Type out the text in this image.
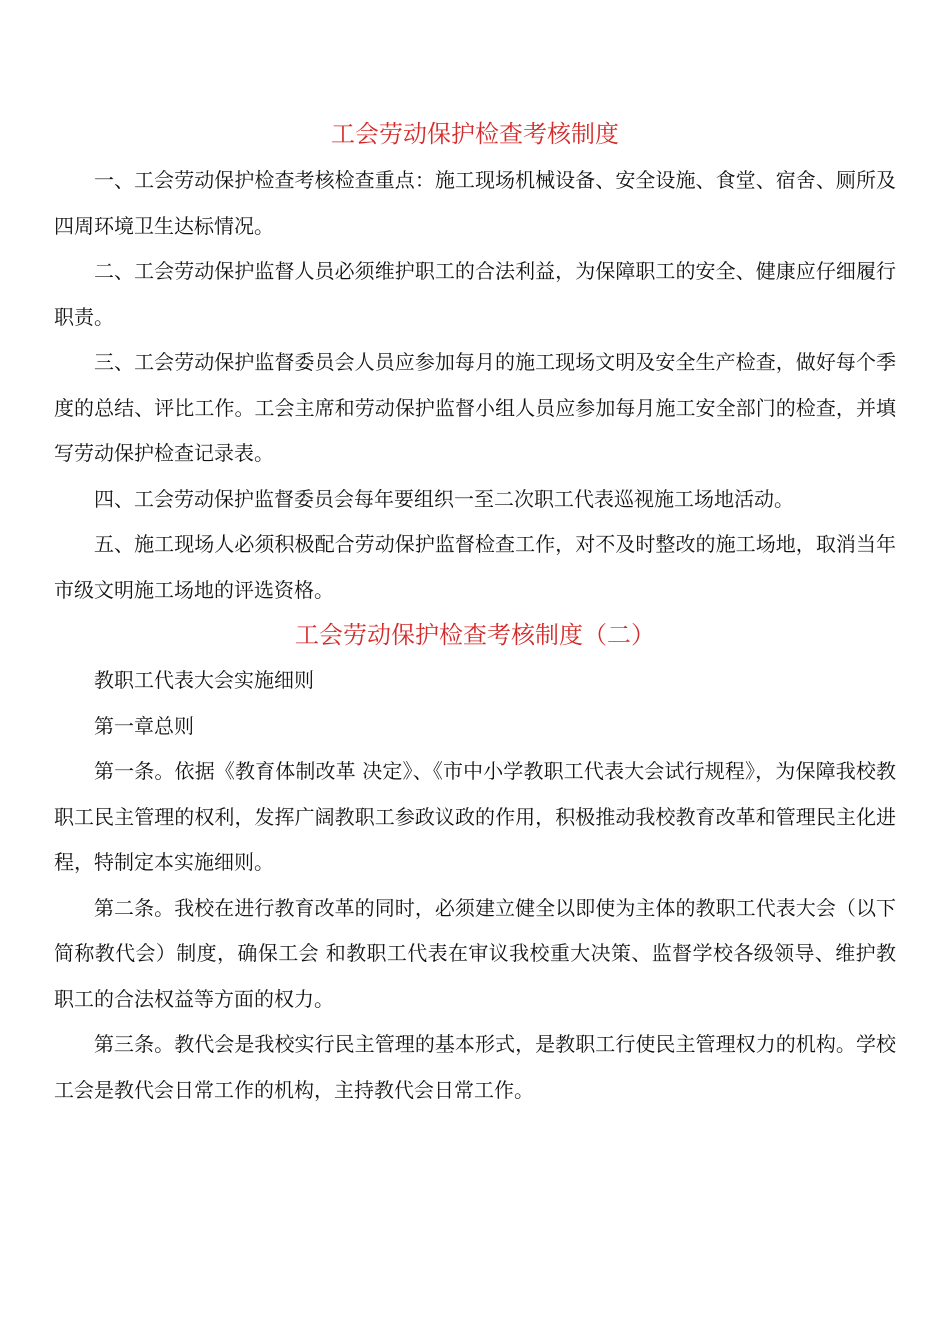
工会劳动保护检查考核制度

一、工会劳动保护检查考核检查重点：施工现场机械设备、安全设施、食堂、宿舍、厕所及四周环境卫生达标情况。

二、工会劳动保护监督人员必须维护职工的合法利益，为保障职工的安全、健康应仔细履行职责。

三、工会劳动保护监督委员会人员应参加每月的施工现场文明及安全生产检查，做好每个季度的总结、评比工作。工会主席和劳动保护监督小组人员应参加每月施工安全部门的检查，并填写劳动保护检查记录表。

四、工会劳动保护监督委员会每年要组织一至二次职工代表巡视施工场地活动。

五、施工现场人必须积极配合劳动保护监督检查工作，对不及时整改的施工场地，取消当年市级文明施工场地的评选资格。

工会劳动保护检查考核制度（二）

教职工代表大会实施细则

第一章总则

第一条。依据《教育体制改革 决定》、《市中小学教职工代表大会试行规程》，为保障我校教职工民主管理的权利，发挥广阔教职工参政议政的作用，积极推动我校教育改革和管理民主化进程，特制定本实施细则。

第二条。我校在进行教育改革的同时，必须建立健全以即使为主体的教职工代表大会（以下简称教代会）制度，确保工会 和教职工代表在审议我校重大决策、监督学校各级领导、维护教职工的合法权益等方面的权力。

第三条。教代会是我校实行民主管理的基本形式，是教职工行使民主管理权力的机构。学校工会是教代会日常工作的机构，主持教代会日常工作。
